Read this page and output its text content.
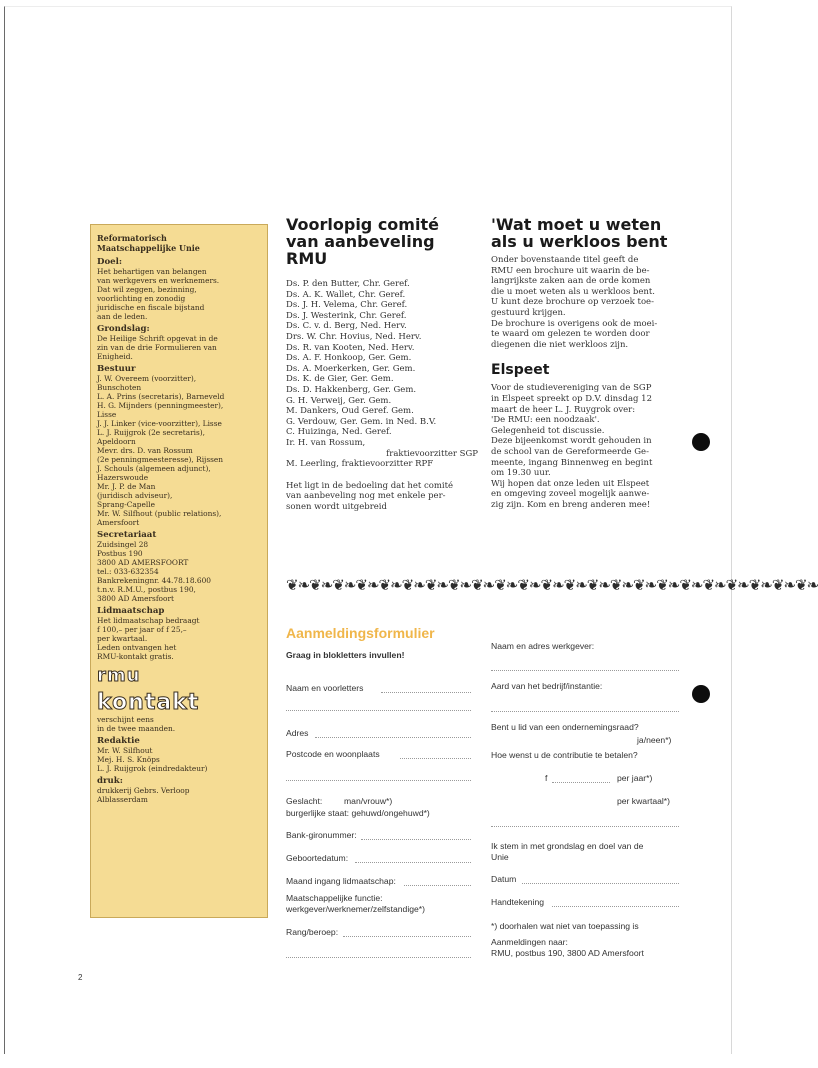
Reformatorisch
Maatschappelijke Unie
Doel:
Het behartigen van belangen
van werkgevers en werknemers.
Dat wil zeggen, bezinning,
voorlichting en zonodig
juridische en fiscale bijstand
aan de leden.
Grondslag:
De Heilige Schrift opgevat in de
zin van de drie Formulieren van
Enigheid.
Bestuur
J. W. Overeem (voorzitter),
Bunschoten
L. A. Prins (secretaris), Barneveld
H. G. Mijnders (penningmeester),
Lisse
J. J. Linker (vice-voorzitter), Lisse
L. J. Ruijgrok (2e secretaris),
Apeldoorn
Mevr. drs. D. van Rossum
(2e penningmeesteresse), Rijssen
J. Schouls (algemeen adjunct),
Hazerswoude
Mr. J. P. de Man
(juridisch adviseur),
Sprang-Capelle
Mr. W. Silfhout (public relations),
Amersfoort
Secretariaat
Zuidsingel 28
Postbus 190
3800 AD AMERSFOORT
tel.: 033-632354
Bankrekeningnr. 44.78.18.600
t.n.v. R.M.U., postbus 190,
3800 AD Amersfoort
Lidmaatschap
Het lidmaatschap bedraagt
f 100,– per jaar of f 25,–
per kwartaal.
Leden ontvangen het
RMU-kontakt gratis.
rmu
kontakt
verschijnt eens
in de twee maanden.
Redaktie
Mr. W. Silfhout
Mej. H. S. Knöps
L. J. Ruijgrok (eindredakteur)
druk:
drukkerij Gebrs. Verloop
Alblasserdam
Voorlopig comité
van aanbeveling
RMU
Ds. P. den Butter, Chr. Geref.
Ds. A. K. Wallet, Chr. Geref.
Ds. J. H. Velema, Chr. Geref.
Ds. J. Westerink, Chr. Geref.
Ds. C. v. d. Berg, Ned. Herv.
Drs. W. Chr. Hovius, Ned. Herv.
Ds. R. van Kooten, Ned. Herv.
Ds. A. F. Honkoop, Ger. Gem.
Ds. A. Moerkerken, Ger. Gem.
Ds. K. de Gier, Ger. Gem.
Ds. D. Hakkenberg, Ger. Gem.
G. H. Verweij, Ger. Gem.
M. Dankers, Oud Geref. Gem.
G. Verdouw, Ger. Gem. in Ned. B.V.
C. Huizinga, Ned. Geref.
Ir. H. van Rossum,
fraktievoorzitter SGP
M. Leerling, fraktievoorzitter RPF
Het ligt in de bedoeling dat het comité
van aanbeveling nog met enkele per-
sonen wordt uitgebreid
'Wat moet u weten
als u werkloos bent
Onder bovenstaande titel geeft de
RMU een brochure uit waarin de be-
langrijkste zaken aan de orde komen
die u moet weten als u werkloos bent.
U kunt deze brochure op verzoek toe-
gestuurd krijgen.
De brochure is overigens ook de moei-
te waard om gelezen te worden door
diegenen die niet werkloos zijn.
Elspeet
Voor de studievereniging van de SGP
in Elspeet spreekt op D.V. dinsdag 12
maart de heer L. J. Ruygrok over:
'De RMU: een noodzaak'.
Gelegenheid tot discussie.
Deze bijeenkomst wordt gehouden in
de school van de Gereformeerde Ge-
meente, ingang Binnenweg en begint
om 19.30 uur.
Wij hopen dat onze leden uit Elspeet
en omgeving zoveel mogelijk aanwe-
zig zijn. Kom en breng anderen mee!
❦❧❦❧❦❧❦❧❦❧❦❧❦❧❦❧❦❧❦❧❦❧❦❧❦❧❦❧❦❧❦❧❦❧❦❧❦❧❦❧❦❧❦❧❦❧
Aanmeldingsformulier
Graag in blokletters invullen!
Naam en voorletters
Adres
Postcode en woonplaats
Geslacht:	man/vrouw*)
burgerlijke staat: gehuwd/ongehuwd*)
Bank-gironummer:
Geboortedatum:
Maand ingang lidmaatschap:
Maatschappelijke functie:
werkgever/werknemer/zelfstandige*)
Rang/beroep:
Naam en adres werkgever:
Aard van het bedrijf/instantie:
Bent u lid van een ondernemingsraad?
ja/neen*)
Hoe wenst u de contributie te betalen?
f	per jaar*)
per kwartaal*)
Ik stem in met grondslag en doel van de
Unie
Datum
Handtekening
*) doorhalen wat niet van toepassing is
Aanmeldingen naar:
RMU, postbus 190, 3800 AD Amersfoort
2
